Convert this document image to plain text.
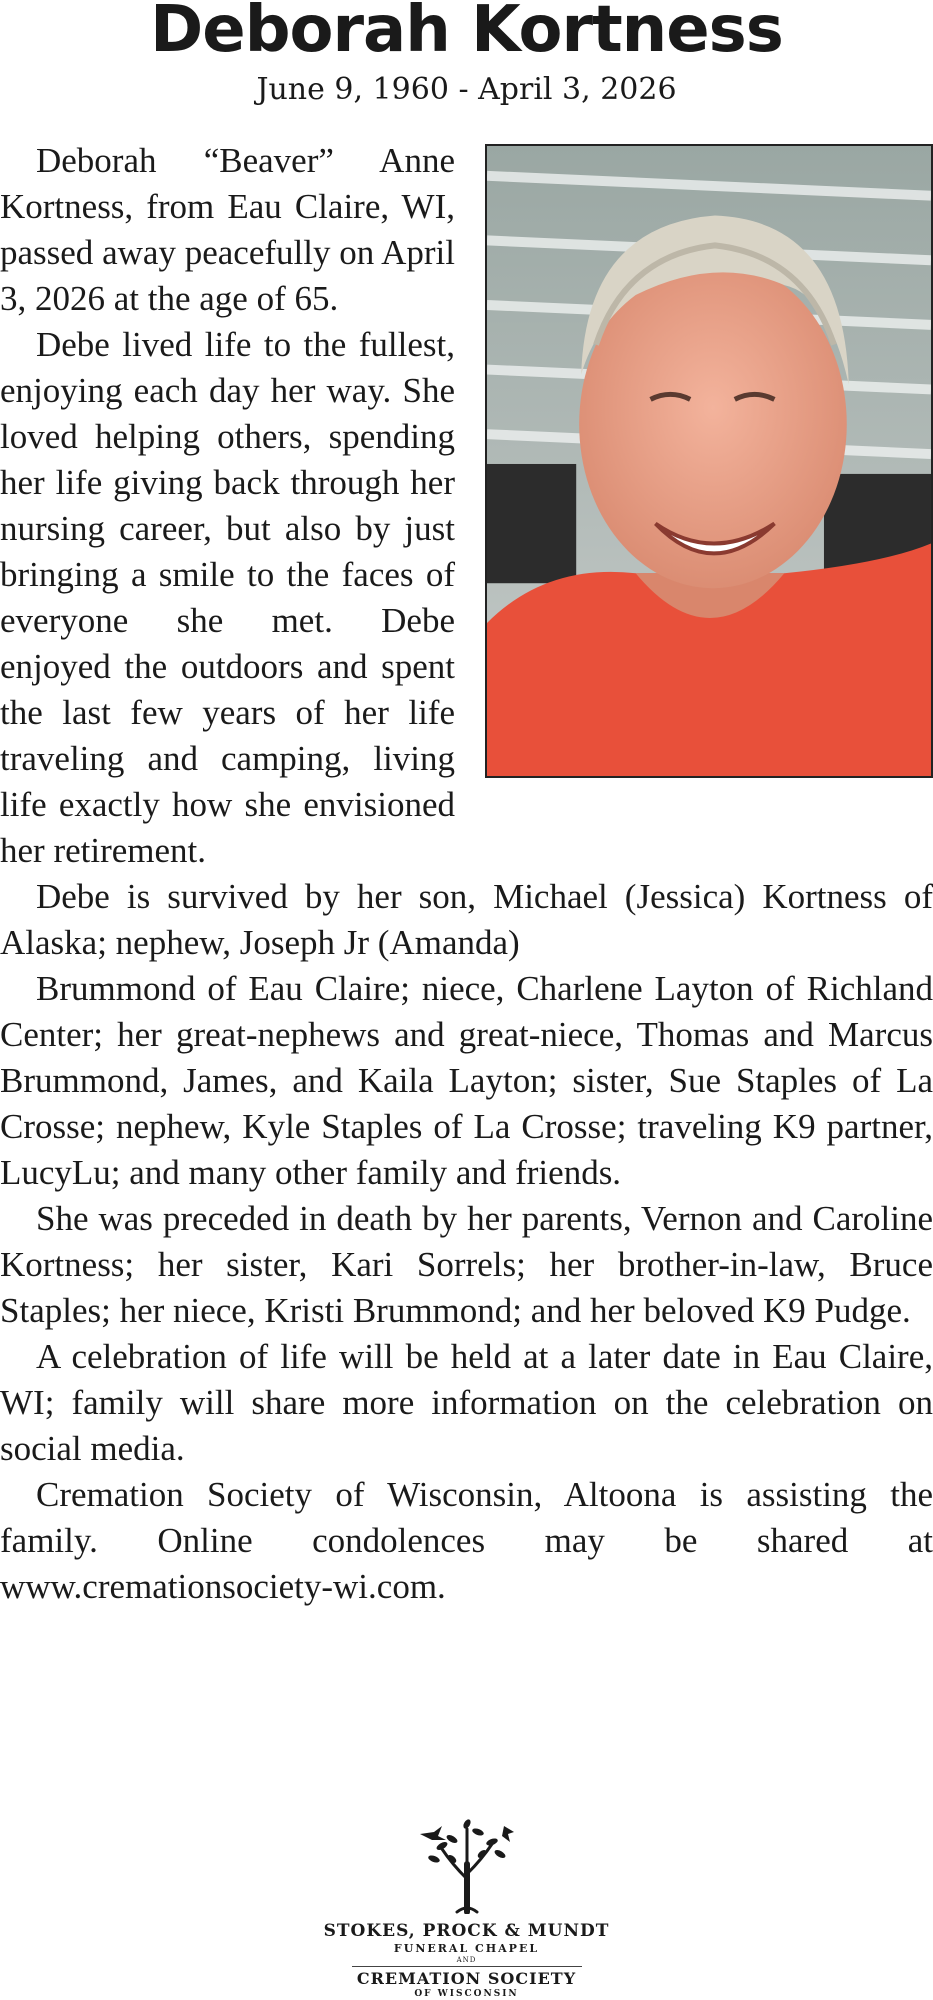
Deborah Kortness
June 9, 1960 - April 3, 2026

Deborah “Beaver” Anne Kortness, from Eau Claire, WI, passed away peacefully on April 3, 2026 at the age of 65.

Debe lived life to the fullest, enjoying each day her way. She loved helping others, spending her life giving back through her nursing career, but also by just bringing a smile to the faces of everyone she met. Debe enjoyed the outdoors and spent the last few years of her life traveling and camping, living life exactly how she envisioned her retirement.

Debe is survived by her son, Michael (Jessica) Kortness of Alaska; nephew, Joseph Jr (Amanda)

Brummond of Eau Claire; niece, Charlene Layton of Richland Center; her great-nephews and great-niece, Thomas and Marcus Brummond, James, and Kaila Layton; sister, Sue Staples of La Crosse; nephew, Kyle Staples of La Crosse; traveling K9 partner, LucyLu; and many other family and friends.

She was preceded in death by her parents, Vernon and Caroline Kortness; her sister, Kari Sorrels; her brother-in-law, Bruce Staples; her niece, Kristi Brummond; and her beloved K9 Pudge.

A celebration of life will be held at a later date in Eau Claire, WI; family will share more information on the celebration on social media.

Cremation Society of Wisconsin, Altoona is assisting the family. Online condolences may be shared at www.cremationsociety-wi.com.

STOKES, PROCK & MUNDT
FUNERAL CHAPEL
AND
CREMATION SOCIETY
OF WISCONSIN
